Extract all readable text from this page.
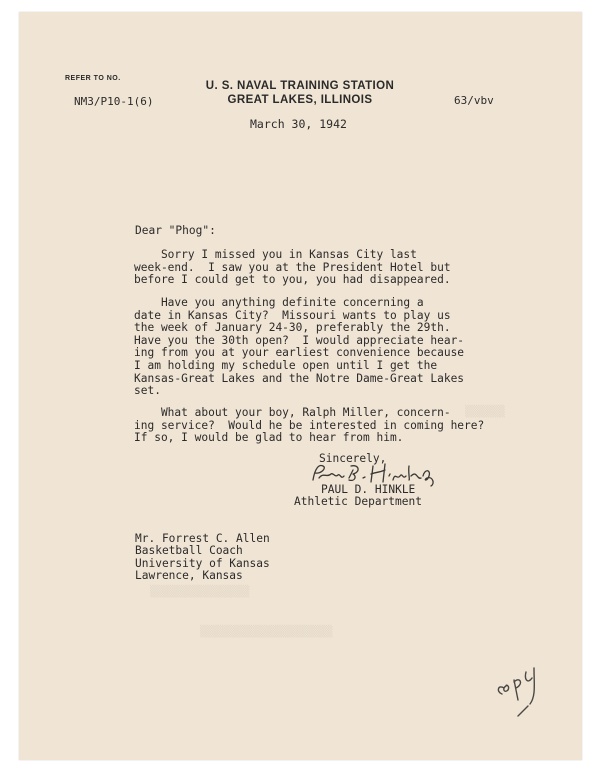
▒▒▒▒▒▒
▒▒▒▒▒▒▒▒▒▒▒▒▒▒▒
▒▒▒▒▒▒▒▒▒▒▒▒▒▒▒▒▒▒▒▒
REFER TO NO.
NM3/P10-1(6)
U. S. NAVAL TRAINING STATION
GREAT LAKES, ILLINOIS	63/vbv
March 30, 1942
Dear "Phog":
Sorry I missed you in Kansas City last
week-end.  I saw you at the President Hotel but
before I could get to you, you had disappeared.
Have you anything definite concerning a
date in Kansas City?  Missouri wants to play us
the week of January 24-30, preferably the 29th.
Have you the 30th open?  I would appreciate hear-
ing from you at your earliest convenience because
I am holding my schedule open until I get the
Kansas-Great Lakes and the Notre Dame-Great Lakes
set.
What about your boy, Ralph Miller, concern-
ing service?  Would he be interested in coming here?
If so, I would be glad to hear from him.
Sincerely,
PAUL D. HINKLE
Athletic Department

Mr. Forrest C. Allen
Basketball Coach
University of Kansas
Lawrence, Kansas
